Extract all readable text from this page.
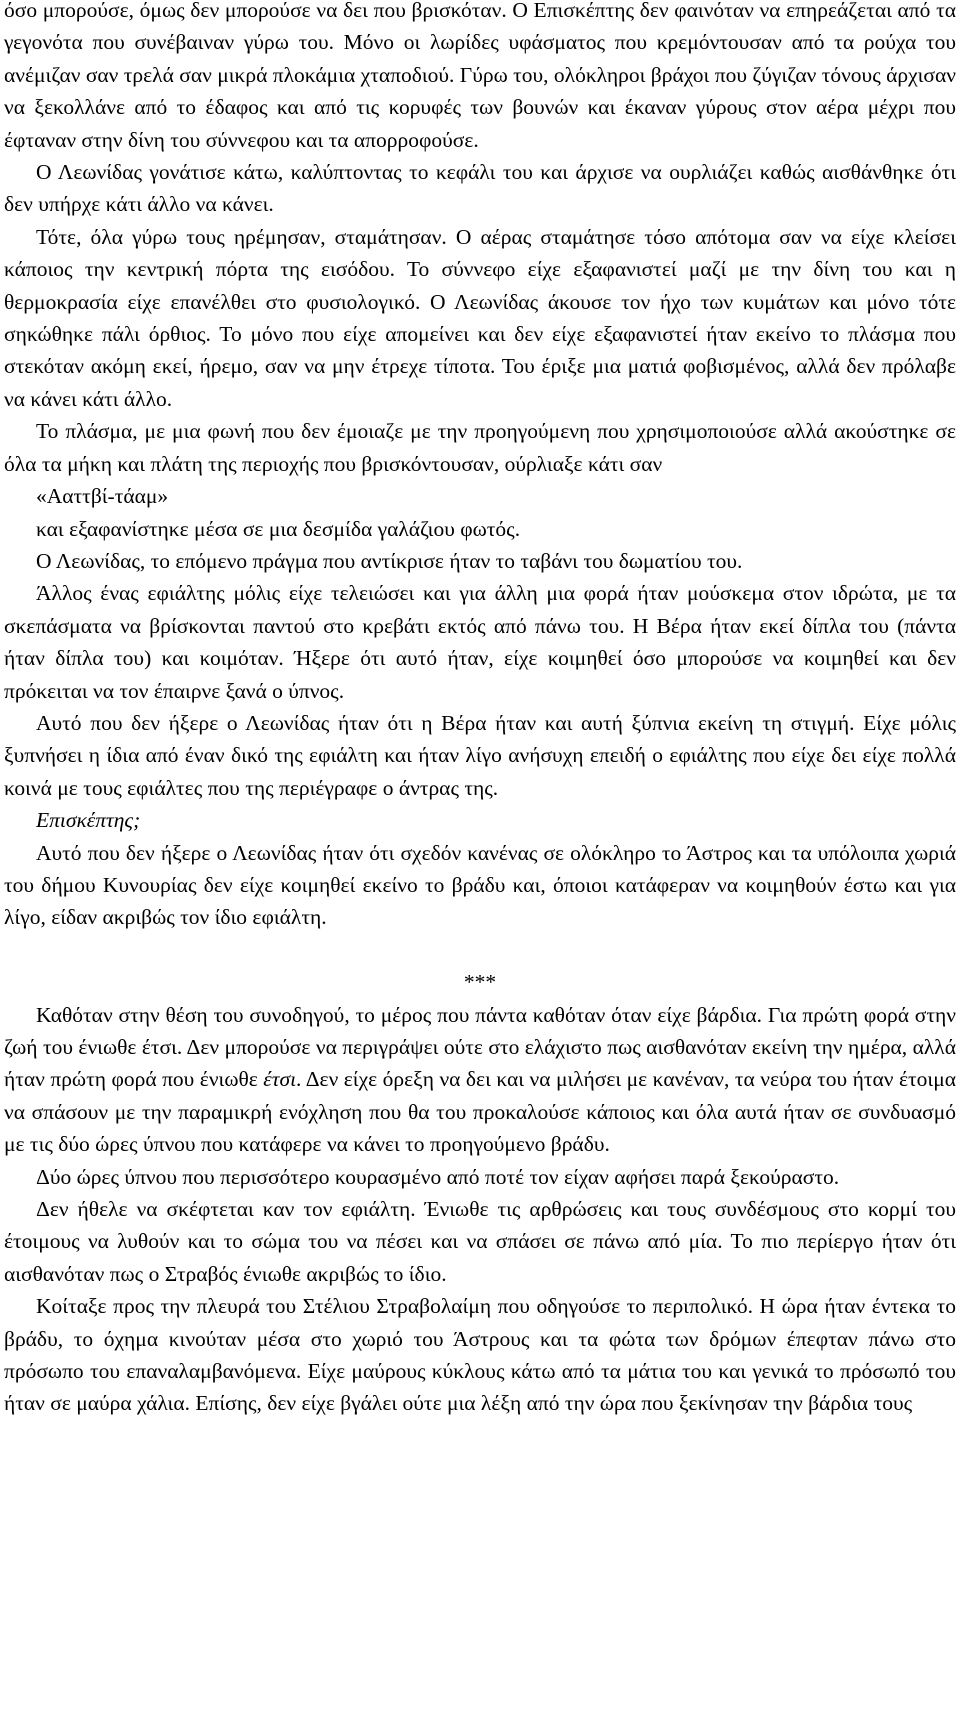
όσο μπορούσε, όμως δεν μπορούσε να δει που βρισκόταν. Ο Επισκέπτης δεν φαινόταν να επηρεάζεται από τα γεγονότα που συνέβαιναν γύρω του. Μόνο οι λωρίδες υφάσματος που κρεμόντουσαν από τα ρούχα του ανέμιζαν σαν τρελά σαν μικρά πλοκάμια χταποδιού. Γύρω του, ολόκληροι βράχοι που ζύγιζαν τόνους άρχισαν να ξεκολλάνε από το έδαφος και από τις κορυφές των βουνών και έκαναν γύρους στον αέρα μέχρι που έφταναν στην δίνη του σύννεφου και τα απορροφούσε.

Ο Λεωνίδας γονάτισε κάτω, καλύπτοντας το κεφάλι του και άρχισε να ουρλιάζει καθώς αισθάνθηκε ότι δεν υπήρχε κάτι άλλο να κάνει.

Τότε, όλα γύρω τους ηρέμησαν, σταμάτησαν. Ο αέρας σταμάτησε τόσο απότομα σαν να είχε κλείσει κάποιος την κεντρική πόρτα της εισόδου. Το σύννεφο είχε εξαφανιστεί μαζί με την δίνη του και η θερμοκρασία είχε επανέλθει στο φυσιολογικό. Ο Λεωνίδας άκουσε τον ήχο των κυμάτων και μόνο τότε σηκώθηκε πάλι όρθιος. Το μόνο που είχε απομείνει και δεν είχε εξαφανιστεί ήταν εκείνο το πλάσμα που στεκόταν ακόμη εκεί, ήρεμο, σαν να μην έτρεχε τίποτα. Του έριξε μια ματιά φοβισμένος, αλλά δεν πρόλαβε να κάνει κάτι άλλο.

Το πλάσμα, με μια φωνή που δεν έμοιαζε με την προηγούμενη που χρησιμοποιούσε αλλά ακούστηκε σε όλα τα μήκη και πλάτη της περιοχής που βρισκόντουσαν, ούρλιαξε κάτι σαν

«Ααττβί-τάαμ»

και εξαφανίστηκε μέσα σε μια δεσμίδα γαλάζιου φωτός.

Ο Λεωνίδας, το επόμενο πράγμα που αντίκρισε ήταν το ταβάνι του δωματίου του.

Άλλος ένας εφιάλτης μόλις είχε τελειώσει και για άλλη μια φορά ήταν μούσκεμα στον ιδρώτα, με τα σκεπάσματα να βρίσκονται παντού στο κρεβάτι εκτός από πάνω του. Η Βέρα ήταν εκεί δίπλα του (πάντα ήταν δίπλα του) και κοιμόταν. Ήξερε ότι αυτό ήταν, είχε κοιμηθεί όσο μπορούσε να κοιμηθεί και δεν πρόκειται να τον έπαιρνε ξανά ο ύπνος.

Αυτό που δεν ήξερε ο Λεωνίδας ήταν ότι η Βέρα ήταν και αυτή ξύπνια εκείνη τη στιγμή. Είχε μόλις ξυπνήσει η ίδια από έναν δικό της εφιάλτη και ήταν λίγο ανήσυχη επειδή ο εφιάλτης που είχε δει είχε πολλά κοινά με τους εφιάλτες που της περιέγραφε ο άντρας της.

Επισκέπτης;

Αυτό που δεν ήξερε ο Λεωνίδας ήταν ότι σχεδόν κανένας σε ολόκληρο το Άστρος και τα υπόλοιπα χωριά του δήμου Κυνουρίας δεν είχε κοιμηθεί εκείνο το βράδυ και, όποιοι κατάφεραν να κοιμηθούν έστω και για λίγο, είδαν ακριβώς τον ίδιο εφιάλτη.

***

Καθόταν στην θέση του συνοδηγού, το μέρος που πάντα καθόταν όταν είχε βάρδια. Για πρώτη φορά στην ζωή του ένιωθε έτσι. Δεν μπορούσε να περιγράψει ούτε στο ελάχιστο πως αισθανόταν εκείνη την ημέρα, αλλά ήταν πρώτη φορά που ένιωθε έτσι. Δεν είχε όρεξη να δει και να μιλήσει με κανέναν, τα νεύρα του ήταν έτοιμα να σπάσουν με την παραμικρή ενόχληση που θα του προκαλούσε κάποιος και όλα αυτά ήταν σε συνδυασμό με τις δύο ώρες ύπνου που κατάφερε να κάνει το προηγούμενο βράδυ.

Δύο ώρες ύπνου που περισσότερο κουρασμένο από ποτέ τον είχαν αφήσει παρά ξεκούραστο.

Δεν ήθελε να σκέφτεται καν τον εφιάλτη. Ένιωθε τις αρθρώσεις και τους συνδέσμους στο κορμί του έτοιμους να λυθούν και το σώμα του να πέσει και να σπάσει σε πάνω από μία. Το πιο περίεργο ήταν ότι αισθανόταν πως ο Στραβός ένιωθε ακριβώς το ίδιο.

Κοίταξε προς την πλευρά του Στέλιου Στραβολαίμη που οδηγούσε το περιπολικό. Η ώρα ήταν έντεκα το βράδυ, το όχημα κινούταν μέσα στο χωριό του Άστρους και τα φώτα των δρόμων έπεφταν πάνω στο πρόσωπο του επαναλαμβανόμενα. Είχε μαύρους κύκλους κάτω από τα μάτια του και γενικά το πρόσωπό του ήταν σε μαύρα χάλια. Επίσης, δεν είχε βγάλει ούτε μια λέξη από την ώρα που ξεκίνησαν την βάρδια τους
